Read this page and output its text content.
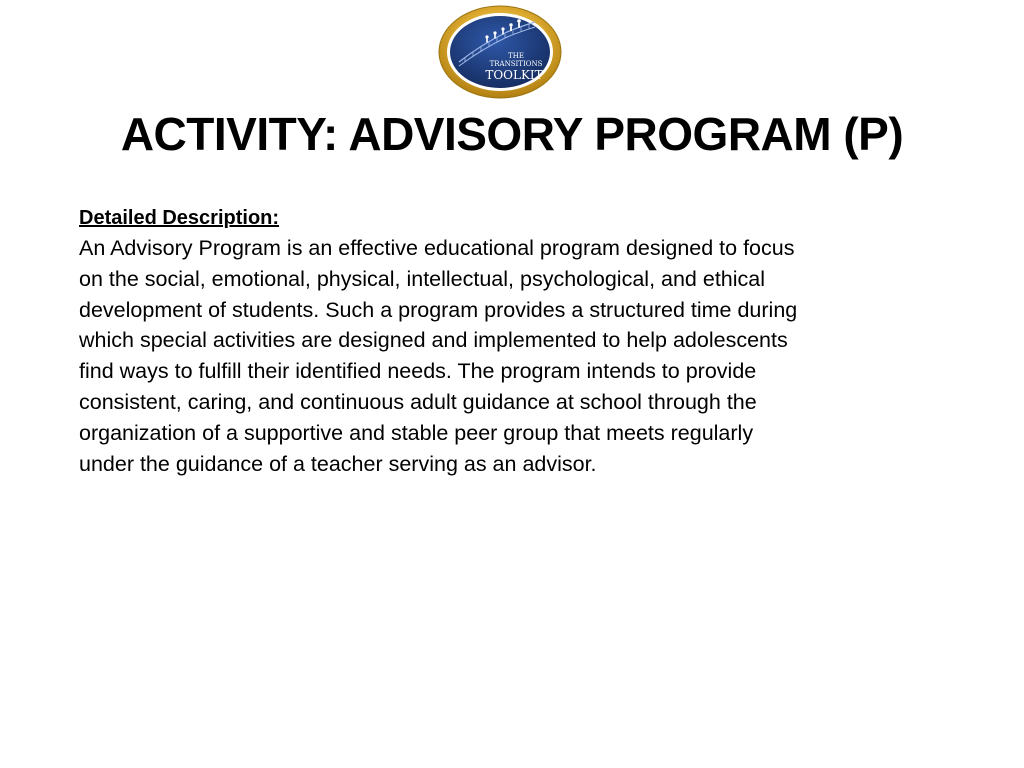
THE
TRANSITIONS
TOOLKIT
ACTIVITY: ADVISORY PROGRAM (P)

Detailed Description:

An Advisory Program is an effective educational program designed to focus
on the social, emotional, physical, intellectual, psychological, and ethical
development of students. Such a program provides a structured time during
which special activities are designed and implemented to help adolescents
find ways to fulfill their identified needs. The program intends to provide
consistent, caring, and continuous adult guidance at school through the
organization of a supportive and stable peer group that meets regularly
under the guidance of a teacher serving as an advisor.
